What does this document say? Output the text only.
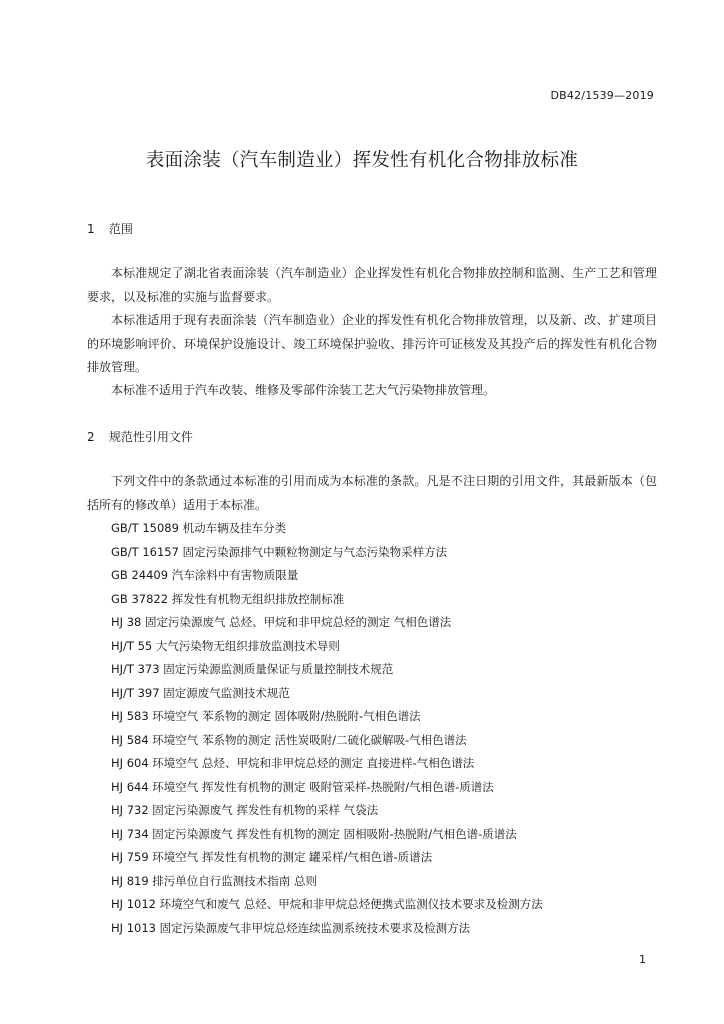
DB42/1539—2019
表面涂装（汽车制造业）挥发性有机化合物排放标准
1 范围

本标准规定了湖北省表面涂装（汽车制造业）企业挥发性有机化合物排放控制和监测、生产工艺和管理要求，以及标准的实施与监督要求。

本标准适用于现有表面涂装（汽车制造业）企业的挥发性有机化合物排放管理，以及新、改、扩建项目的环境影响评价、环境保护设施设计、竣工环境保护验收、排污许可证核发及其投产后的挥发性有机化合物排放管理。

本标准不适用于汽车改装、维修及零部件涂装工艺大气污染物排放管理。

2 规范性引用文件

下列文件中的条款通过本标准的引用而成为本标准的条款。凡是不注日期的引用文件，其最新版本（包括所有的修改单）适用于本标准。

GB/T 15089 机动车辆及挂车分类
GB/T 16157 固定污染源排气中颗粒物测定与气态污染物采样方法
GB 24409 汽车涂料中有害物质限量
GB 37822 挥发性有机物无组织排放控制标准
HJ 38 固定污染源废气 总烃、甲烷和非甲烷总烃的测定 气相色谱法
HJ/T 55 大气污染物无组织排放监测技术导则
HJ/T 373 固定污染源监测质量保证与质量控制技术规范
HJ/T 397 固定源废气监测技术规范
HJ 583 环境空气 苯系物的测定 固体吸附/热脱附-气相色谱法
HJ 584 环境空气 苯系物的测定 活性炭吸附/二硫化碳解吸-气相色谱法
HJ 604 环境空气 总烃、甲烷和非甲烷总烃的测定 直接进样-气相色谱法
HJ 644 环境空气 挥发性有机物的测定 吸附管采样-热脱附/气相色谱-质谱法
HJ 732 固定污染源废气 挥发性有机物的采样 气袋法
HJ 734 固定污染源废气 挥发性有机物的测定 固相吸附-热脱附/气相色谱-质谱法
HJ 759 环境空气 挥发性有机物的测定 罐采样/气相色谱-质谱法
HJ 819 排污单位自行监测技术指南 总则
HJ 1012 环境空气和废气 总烃、甲烷和非甲烷总烃便携式监测仪技术要求及检测方法
HJ 1013 固定污染源废气非甲烷总烃连续监测系统技术要求及检测方法
1
